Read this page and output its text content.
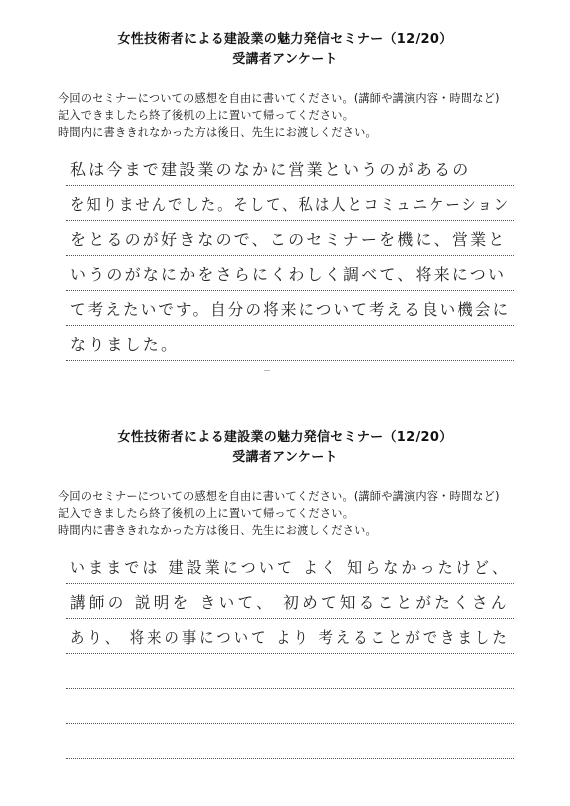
女性技術者による建設業の魅力発信セミナー（12/20）
受講者アンケート
今回のセミナーについての感想を自由に書いてください。(講師や講演内容・時間など)
記入できましたら終了後机の上に置いて帰ってください。
時間内に書ききれなかった方は後日、先生にお渡しください。
私は今まで建設業のなかに営業というのがあるの
を知りませんでした。そして、私は人とコミュニケーション
をとるのが好きなので、このセミナーを機に、営業と
いうのがなにかをさらにくわしく調べて、将来につい
て考えたいです。自分の将来について考える良い機会に
なりました。
女性技術者による建設業の魅力発信セミナー（12/20）
受講者アンケート
今回のセミナーについての感想を自由に書いてください。(講師や講演内容・時間など)
記入できましたら終了後机の上に置いて帰ってください。
時間内に書ききれなかった方は後日、先生にお渡しください。
いままでは 建設業について よく 知らなかったけど、
講師の 説明を きいて、 初めて知ることがたくさん
あり、 将来の事について より 考えることができました
